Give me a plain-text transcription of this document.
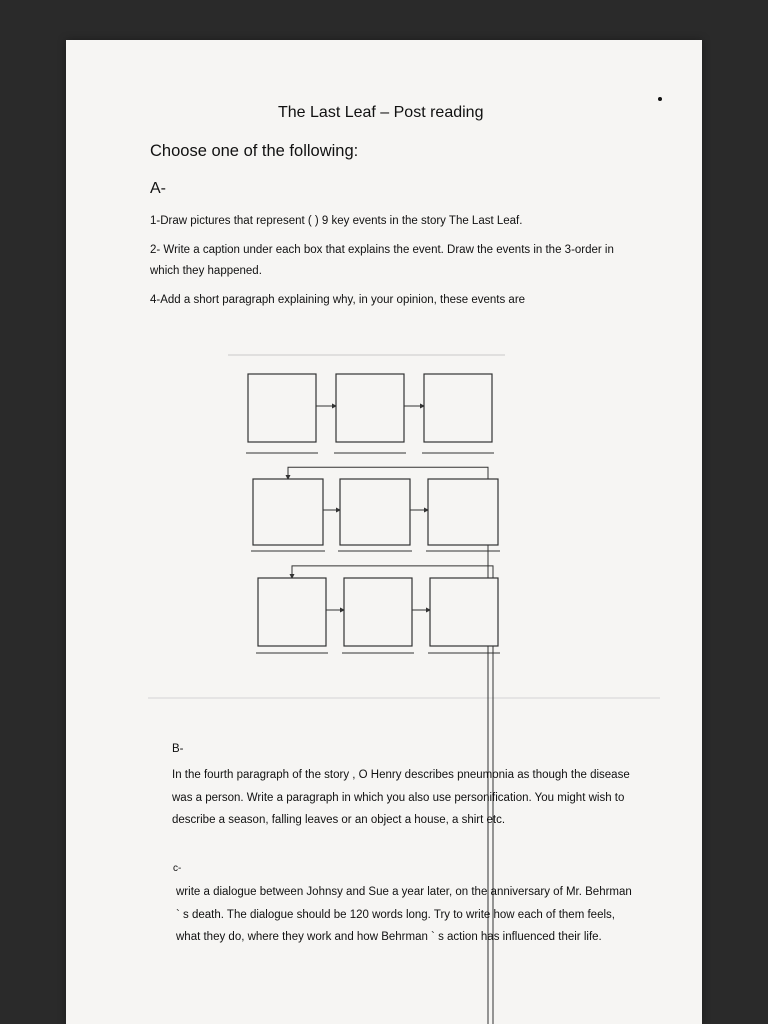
The Last Leaf – Post reading
Choose one of the following:
A-
1-Draw pictures that represent ( ) 9 key events in the story The Last Leaf.
2- Write a caption under each box that explains the event. Draw the events in the 3-order in which they happened.
4-Add a short paragraph explaining why, in your opinion, these events are
B-
In the fourth paragraph of the story , O Henry describes pneumonia as though the disease was a person. Write a paragraph in which you also use personification. You might wish to describe a season, falling leaves or an object a house, a shirt etc.
c-
write a dialogue between Johnsy and Sue a year later, on the anniversary of Mr. Behrman ` s death. The dialogue should be 120 words long. Try to write how each of them feels, what they do, where they work and how Behrman ` s action has influenced their life.
